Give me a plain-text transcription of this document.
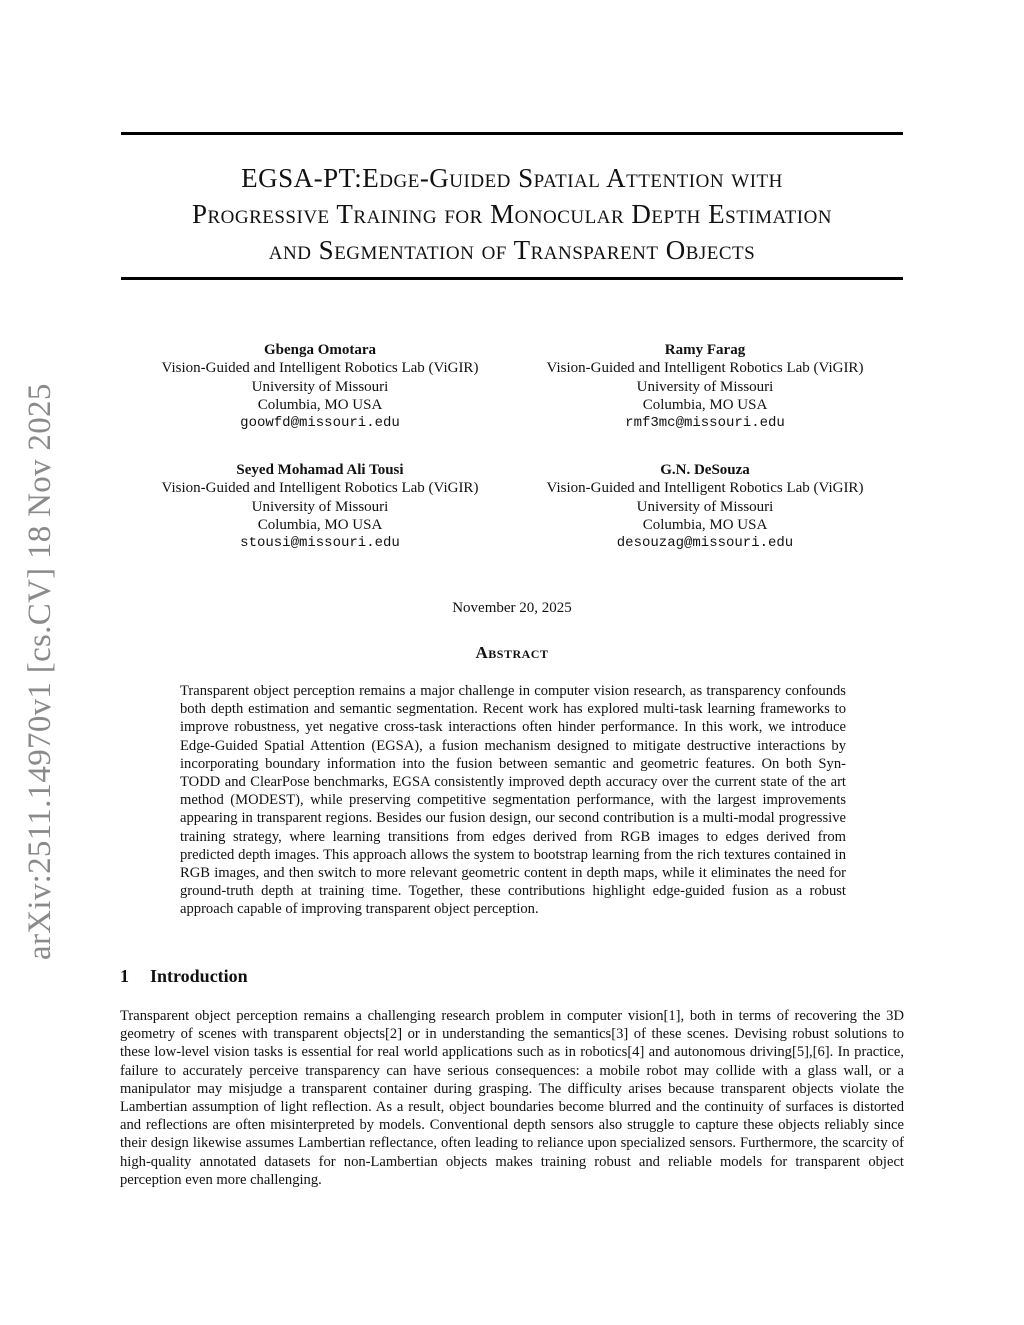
arXiv:2511.14970v1 [cs.CV] 18 Nov 2025
EGSA-PT:Edge-Guided Spatial Attention with
Progressive Training for Monocular Depth Estimation
and Segmentation of Transparent Objects
Gbenga Omotara
Vision-Guided and Intelligent Robotics Lab (ViGIR)
University of Missouri
Columbia, MO USA
goowfd@missouri.edu
Ramy Farag
Vision-Guided and Intelligent Robotics Lab (ViGIR)
University of Missouri
Columbia, MO USA
rmf3mc@missouri.edu
Seyed Mohamad Ali Tousi
Vision-Guided and Intelligent Robotics Lab (ViGIR)
University of Missouri
Columbia, MO USA
stousi@missouri.edu
G.N. DeSouza
Vision-Guided and Intelligent Robotics Lab (ViGIR)
University of Missouri
Columbia, MO USA
desouzag@missouri.edu
November 20, 2025
Abstract

Transparent object perception remains a major challenge in computer vision research, as transparency confounds both depth estimation and semantic segmentation. Recent work has explored multi-task learning frameworks to improve robustness, yet negative cross-task interactions often hinder performance. In this work, we introduce Edge-Guided Spatial Attention (EGSA), a fusion mechanism designed to mitigate destructive interactions by incorporating boundary information into the fusion between semantic and geometric features. On both Syn-TODD and ClearPose benchmarks, EGSA consistently improved depth accuracy over the current state of the art method (MODEST), while preserving competitive segmentation performance, with the largest improvements appearing in transparent regions. Besides our fusion design, our second contribution is a multi-modal progressive training strategy, where learning transitions from edges derived from RGB images to edges derived from predicted depth images. This approach allows the system to bootstrap learning from the rich textures contained in RGB images, and then switch to more relevant geometric content in depth maps, while it eliminates the need for ground-truth depth at training time. Together, these contributions highlight edge-guided fusion as a robust approach capable of improving transparent object perception.

1 Introduction

Transparent object perception remains a challenging research problem in computer vision[1], both in terms of recovering the 3D geometry of scenes with transparent objects[2] or in understanding the semantics[3] of these scenes. Devising robust solutions to these low-level vision tasks is essential for real world applications such as in robotics[4] and autonomous driving[5],[6]. In practice, failure to accurately perceive transparency can have serious consequences: a mobile robot may collide with a glass wall, or a manipulator may misjudge a transparent container during grasping. The difficulty arises because transparent objects violate the Lambertian assumption of light reflection. As a result, object boundaries become blurred and the continuity of surfaces is distorted and reflections are often misinterpreted by models. Conventional depth sensors also struggle to capture these objects reliably since their design likewise assumes Lambertian reflectance, often leading to reliance upon specialized sensors. Furthermore, the scarcity of high-quality annotated datasets for non-Lambertian objects makes training robust and reliable models for transparent object perception even more challenging.
